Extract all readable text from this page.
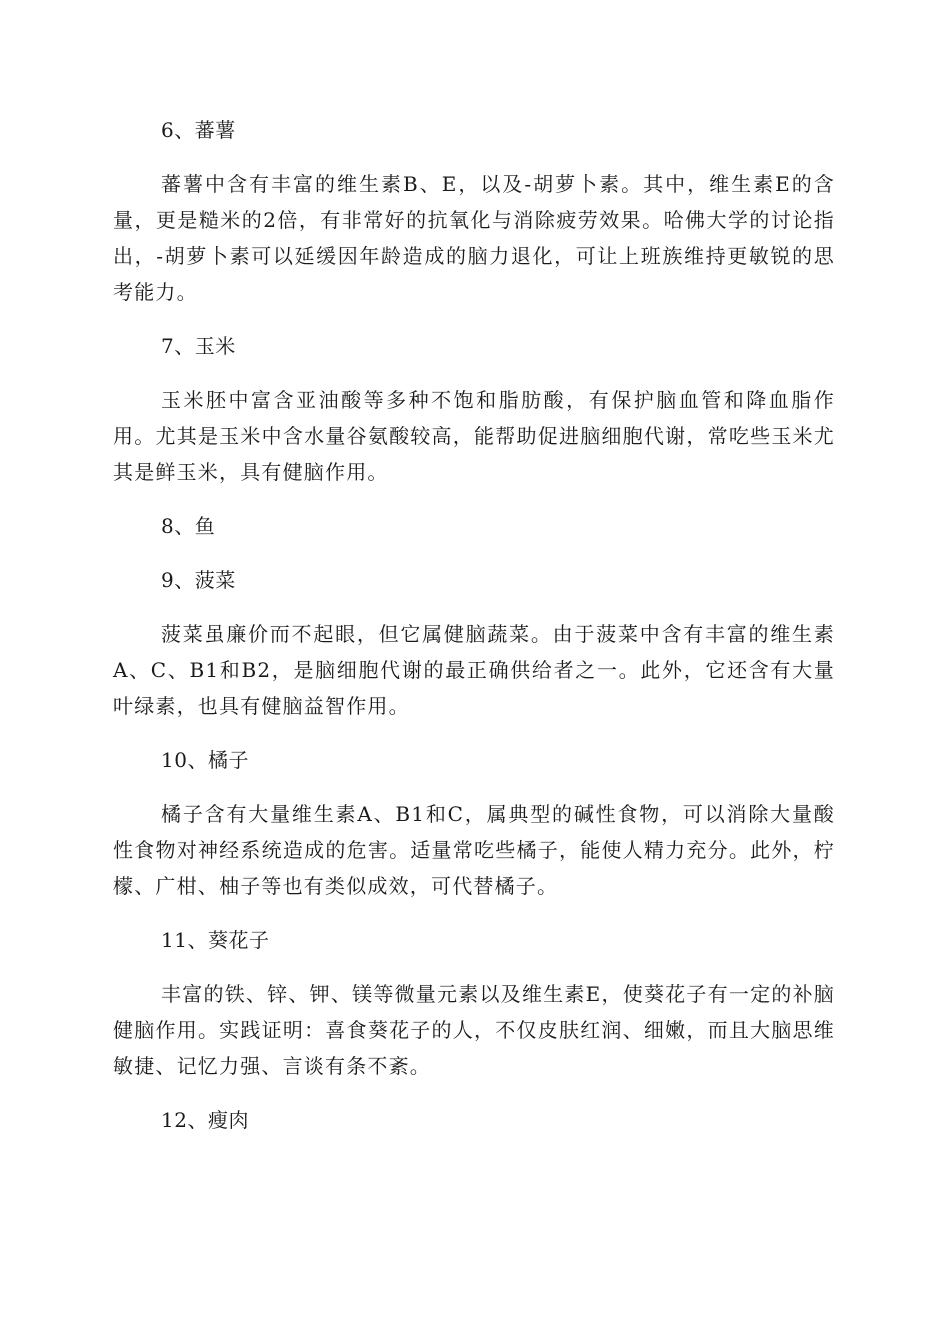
6、蕃薯
蕃薯中含有丰富的维生素B、E，以及-胡萝卜素。其中，维生素E的含量，更是糙米的2倍，有非常好的抗氧化与消除疲劳效果。哈佛大学的讨论指出，-胡萝卜素可以延缓因年龄造成的脑力退化，可让上班族维持更敏锐的思考能力。
7、玉米
玉米胚中富含亚油酸等多种不饱和脂肪酸，有保护脑血管和降血脂作用。尤其是玉米中含水量谷氨酸较高，能帮助促进脑细胞代谢，常吃些玉米尤其是鲜玉米，具有健脑作用。
8、鱼
9、菠菜
菠菜虽廉价而不起眼，但它属健脑蔬菜。由于菠菜中含有丰富的维生素A、C、B1和B2，是脑细胞代谢的最正确供给者之一。此外，它还含有大量叶绿素，也具有健脑益智作用。
10、橘子
橘子含有大量维生素A、B1和C，属典型的碱性食物，可以消除大量酸性食物对神经系统造成的危害。适量常吃些橘子，能使人精力充分。此外，柠檬、广柑、柚子等也有类似成效，可代替橘子。
11、葵花子
丰富的铁、锌、钾、镁等微量元素以及维生素E，使葵花子有一定的补脑健脑作用。实践证明：喜食葵花子的人，不仅皮肤红润、细嫩，而且大脑思维敏捷、记忆力强、言谈有条不紊。
12、瘦肉
